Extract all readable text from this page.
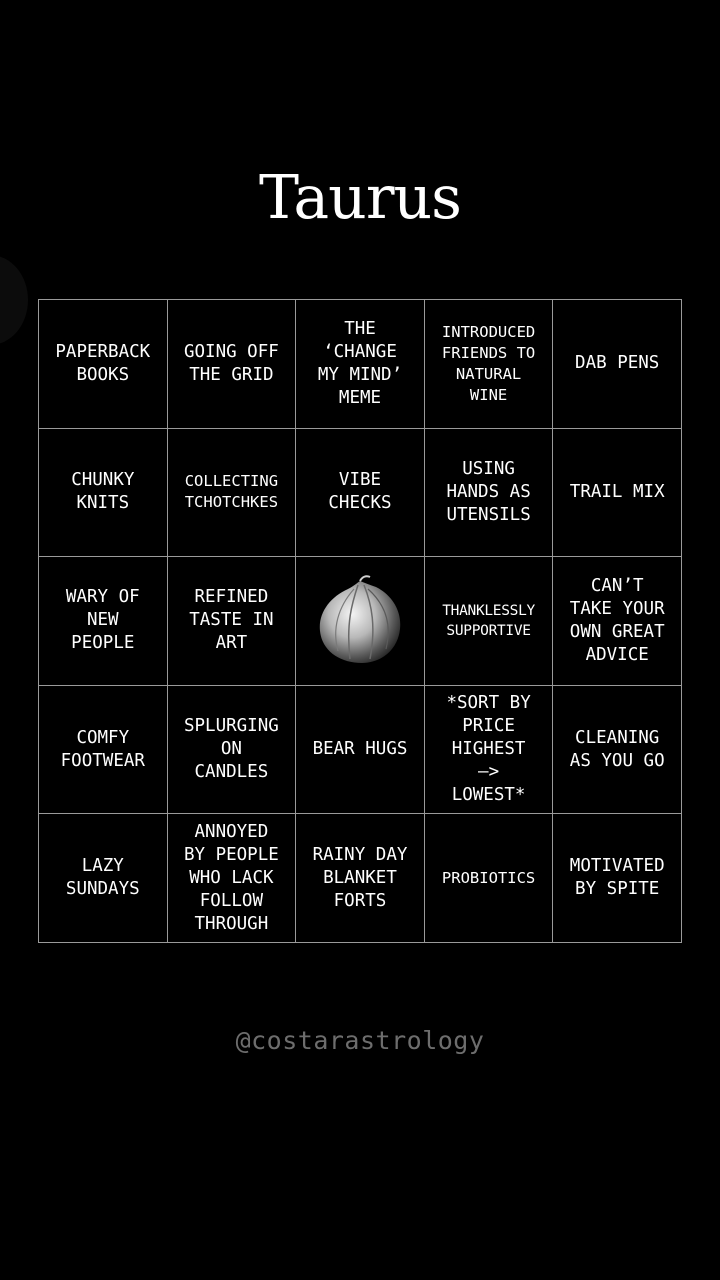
Taurus
PAPERBACK
BOOKS
GOING OFF
THE GRID
THE
‘CHANGE
MY MIND’
MEME
INTRODUCED
FRIENDS TO
NATURAL
WINE
DAB PENS
CHUNKY
KNITS
COLLECTING
TCHOTCHKES
VIBE
CHECKS
USING
HANDS AS
UTENSILS
TRAIL MIX
WARY OF
NEW
PEOPLE
REFINED
TASTE IN
ART
THANKLESSLY
SUPPORTIVE
CAN’T
TAKE YOUR
OWN GREAT
ADVICE
COMFY
FOOTWEAR
SPLURGING
ON
CANDLES
BEAR HUGS
*SORT BY
PRICE
HIGHEST
—>
LOWEST*
CLEANING
AS YOU GO
LAZY
SUNDAYS
ANNOYED
BY PEOPLE
WHO LACK
FOLLOW
THROUGH
RAINY DAY
BLANKET
FORTS
PROBIOTICS
MOTIVATED
BY SPITE
@costarastrology
